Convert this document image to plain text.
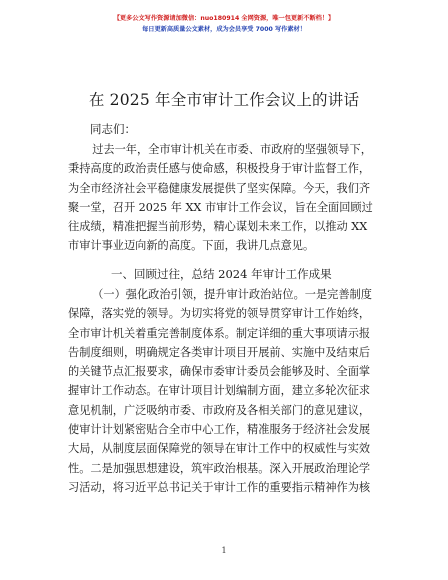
【更多公文写作资源请加微信：nuo180914 全网资源，唯一包更新不断档！】
每日更新高质量公文素材，成为会员享受 7000 写作素材！
在 2025 年全市审计工作会议上的讲话
同志们：
过去一年，全市审计机关在市委、市政府的坚强领导下，
秉持高度的政治责任感与使命感，积极投身于审计监督工作，
为全市经济社会平稳健康发展提供了坚实保障。今天，我们齐
聚一堂，召开 2025 年 XX 市审计工作会议，旨在全面回顾过
往成绩，精准把握当前形势，精心谋划未来工作，以推动 XX
市审计事业迈向新的高度。下面，我讲几点意见。
一、回顾过往，总结 2024 年审计工作成果
（一）强化政治引领，提升审计政治站位。一是完善制度
保障，落实党的领导。为切实将党的领导贯穿审计工作始终，
全市审计机关着重完善制度体系。制定详细的重大事项请示报
告制度细则，明确规定各类审计项目开展前、实施中及结束后
的关键节点汇报要求，确保市委审计委员会能够及时、全面掌
握审计工作动态。在审计项目计划编制方面，建立多轮次征求
意见机制，广泛吸纳市委、市政府及各相关部门的意见建议，
使审计计划紧密贴合全市中心工作，精准服务于经济社会发展
大局，从制度层面保障党的领导在审计工作中的权威性与实效
性。二是加强思想建设，筑牢政治根基。深入开展政治理论学
习活动，将习近平总书记关于审计工作的重要指示精神作为核
1
